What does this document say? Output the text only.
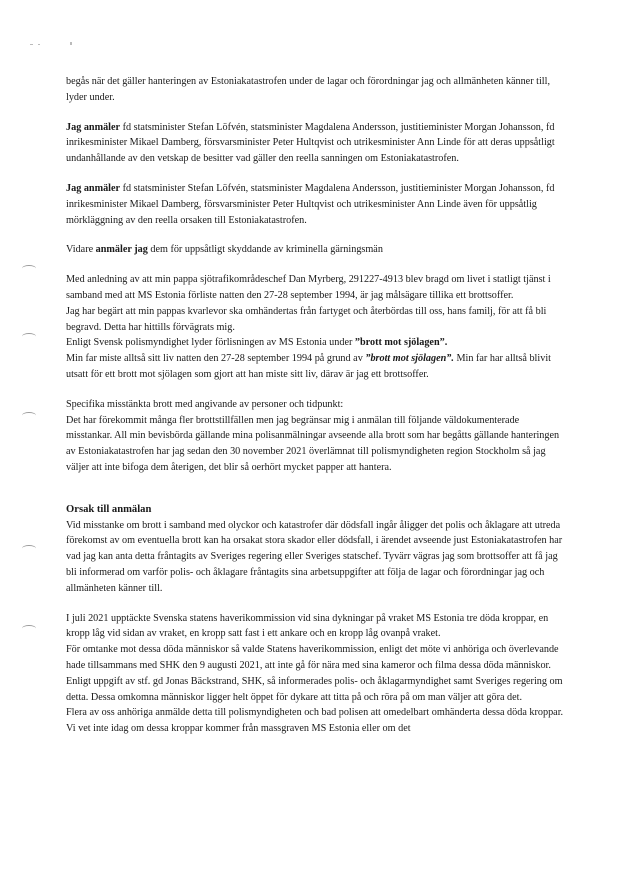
begås när det gäller hanteringen av Estoniakatastrofen under de lagar och förordningar jag och allmänheten känner till, lyder under.

Jag anmäler fd statsminister Stefan Löfvén, statsminister Magdalena Andersson, justitieminister Morgan Johansson, fd inrikesminister Mikael Damberg, försvarsminister Peter Hultqvist och utrikesminister Ann Linde för att deras uppsåtligt undanhållande av den vetskap de besitter vad gäller den reella sanningen om Estoniakatastrofen.

Jag anmäler fd statsminister Stefan Löfvén, statsminister Magdalena Andersson, justitieminister Morgan Johansson, fd inrikesminister Mikael Damberg, försvarsminister Peter Hultqvist och utrikesminister Ann Linde även för uppsåtlig mörkläggning av den reella orsaken till Estoniakatastrofen.

Vidare anmäler jag dem för uppsåtligt skyddande av kriminella gärningsmän

Med anledning av att min pappa sjötrafikområdeschef Dan Myrberg, 291227-4913 blev bragd om livet i statligt tjänst i samband med att MS Estonia förliste natten den 27-28 september 1994, är jag målsägare tillika ett brottsoffer.

Jag har begärt att min pappas kvarlevor ska omhändertas från fartyget och återbördas till oss, hans familj, för att få bli begravd. Detta har hittills förvägrats mig.

Enligt Svensk polismyndighet lyder förlisningen av MS Estonia under ”brott mot sjölagen”.

Min far miste alltså sitt liv natten den 27-28 september 1994 på grund av ”brott mot sjölagen”. Min far har alltså blivit utsatt för ett brott mot sjölagen som gjort att han miste sitt liv, därav är jag ett brottsoffer.

Specifika misstänkta brott med angivande av personer och tidpunkt:

Det har förekommit många fler brottstillfällen men jag begränsar mig i anmälan till följande väldokumenterade misstankar. All min bevisbörda gällande mina polisanmälningar avseende alla brott som har begåtts gällande hanteringen av Estoniakatastrofen har jag sedan den 30 november 2021 överlämnat till polismyndigheten region Stockholm så jag väljer att inte bifoga dem återigen, det blir så oerhört mycket papper att hantera.

Orsak till anmälan

Vid misstanke om brott i samband med olyckor och katastrofer där dödsfall ingår åligger det polis och åklagare att utreda förekomst av om eventuella brott kan ha orsakat stora skador eller dödsfall, i ärendet avseende just Estoniakatastrofen har vad jag kan anta detta fråntagits av Sveriges regering eller Sveriges statschef. Tyvärr vägras jag som brottsoffer att få jag bli informerad om varför polis- och åklagare fråntagits sina arbetsuppgifter att följa de lagar och förordningar jag och allmänheten känner till.

I juli 2021 upptäckte Svenska statens haverikommission vid sina dykningar på vraket MS Estonia tre döda kroppar, en kropp låg vid sidan av vraket, en kropp satt fast i ett ankare och en kropp låg ovanpå vraket.

För omtanke mot dessa döda människor så valde Statens haverikommission, enligt det möte vi anhöriga och överlevande hade tillsammans med SHK den 9 augusti 2021, att inte gå för nära med sina kameror och filma dessa döda människor.

Enligt uppgift av stf. gd Jonas Bäckstrand, SHK, så informerades polis- och åklagarmyndighet samt Sveriges regering om detta. Dessa omkomna människor ligger helt öppet för dykare att titta på och röra på om man väljer att göra det.

Flera av oss anhöriga anmälde detta till polismyndigheten och bad polisen att omedelbart omhänderta dessa döda kroppar. Vi vet inte idag om dessa kroppar kommer från massgraven MS Estonia eller om det
